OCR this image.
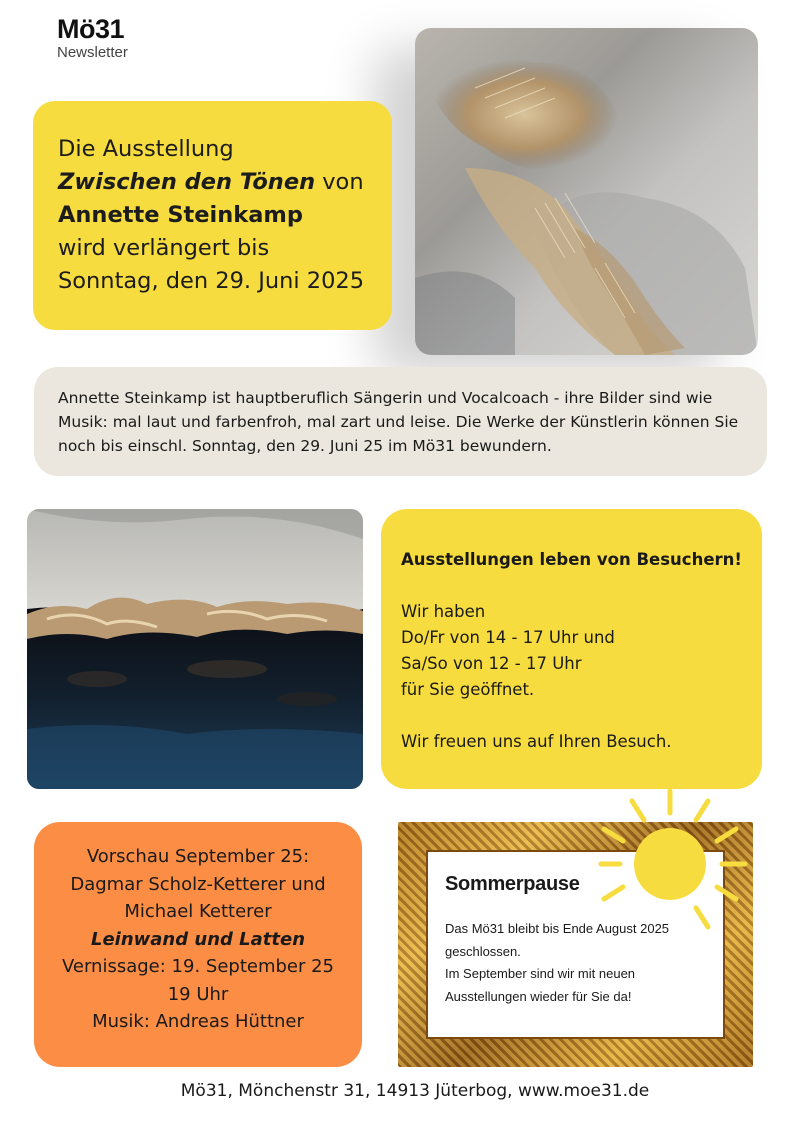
Mö31
Newsletter
Die Ausstellung
Zwischen den Tönen von
Annette Steinkamp
wird verlängert bis
Sonntag, den 29. Juni 2025

Annette Steinkamp ist hauptberuflich Sängerin und Vocalcoach - ihre Bilder sind wie Musik: mal laut und farbenfroh, mal zart und leise. Die Werke der Künstlerin können Sie noch bis einschl. Sonntag, den 29. Juni 25 im Mö31 bewundern.

Ausstellungen leben von Besuchern!
Wir haben
Do/Fr von 14 - 17 Uhr und
Sa/So von 12 - 17 Uhr
für Sie geöffnet.
Wir freuen uns auf Ihren Besuch.
Vorschau September 25:
Dagmar Scholz-Ketterer und
Michael Ketterer
Leinwand und Latten
Vernissage: 19. September 25
19 Uhr
Musik: Andreas Hüttner
Sommerpause
Das Mö31 bleibt bis Ende August 2025
geschlossen.
Im September sind wir mit neuen
Ausstellungen wieder für Sie da!
Mö31, Mönchenstr 31, 14913 Jüterbog, www.moe31.de
